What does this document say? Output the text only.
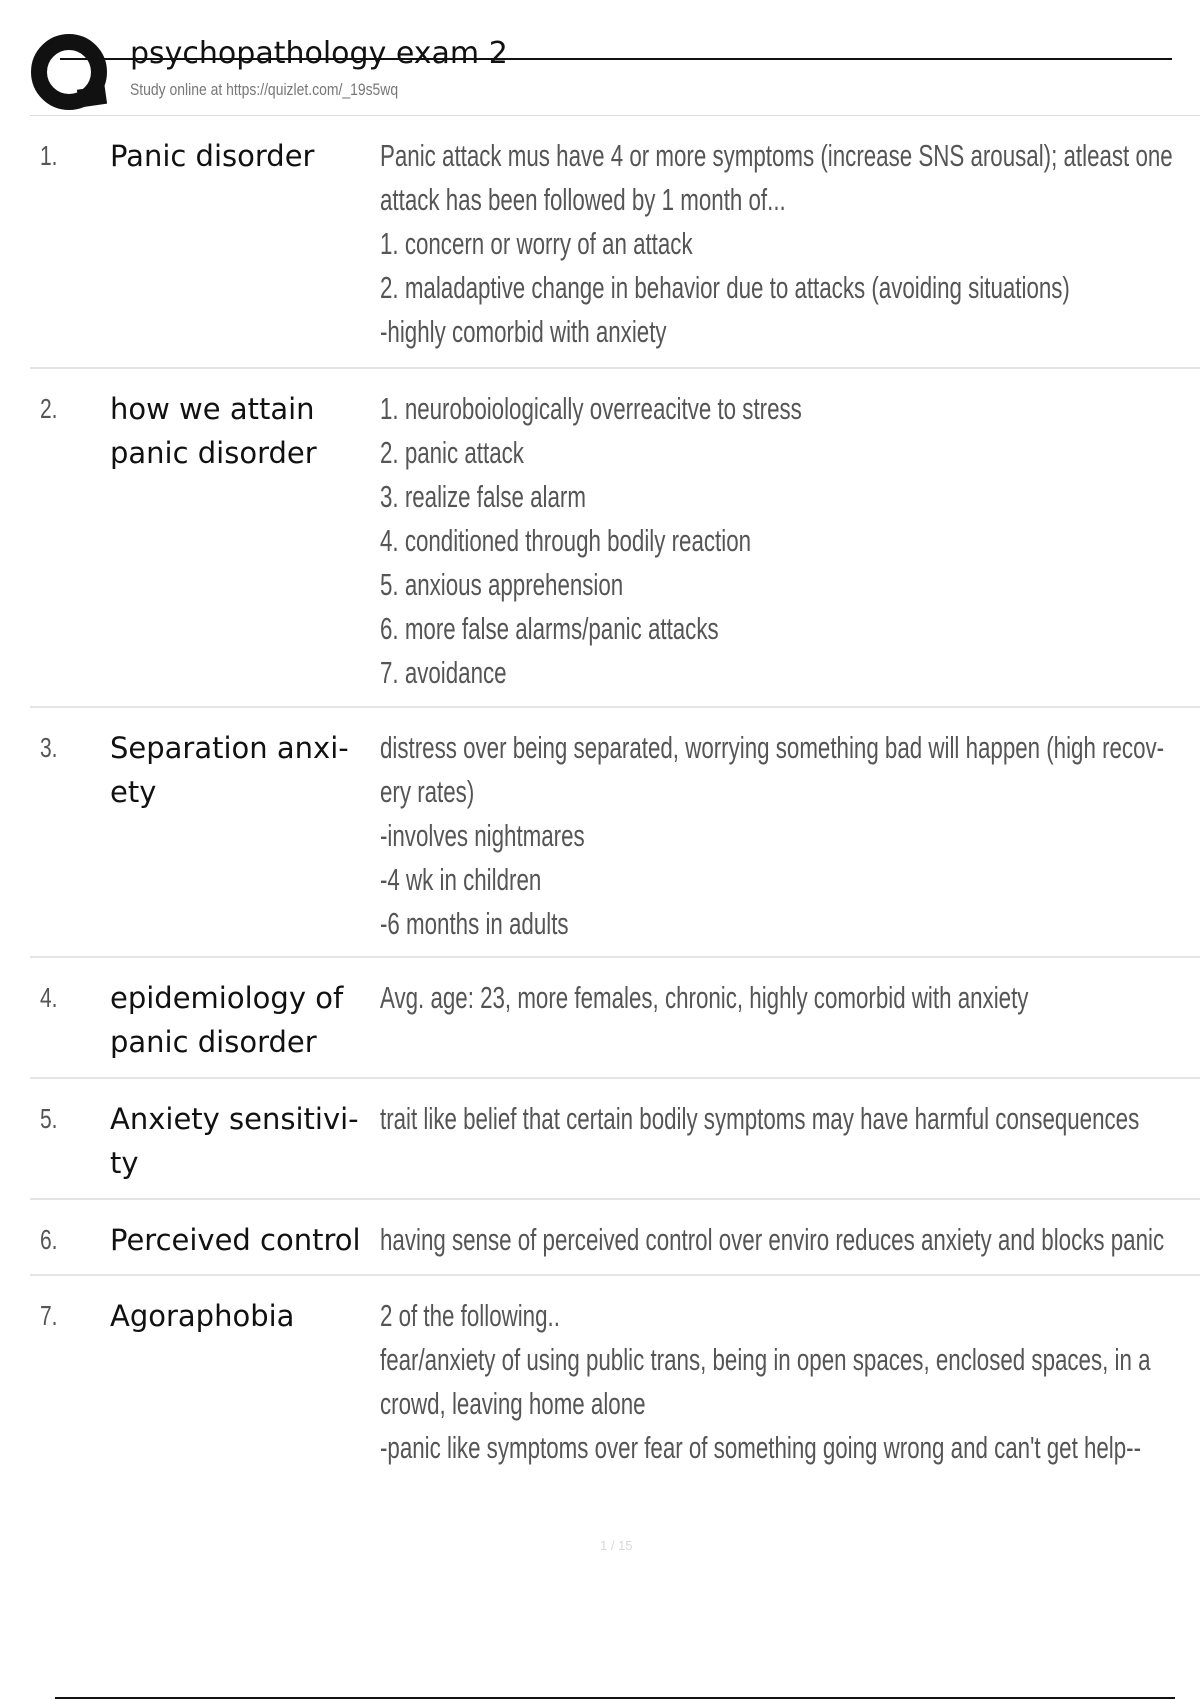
psychopathology exam 2
Study online at https://quizlet.com/_19s5wq
1. Panic disorder	Panic attack mus have 4 or more symptoms (increase SNS arousal); atleast one
attack has been followed by 1 month of...
1. concern or worry of an attack
2. maladaptive change in behavior due to attacks (avoiding situations)
-highly comorbid with anxiety
2. how we attain
panic disorder
1. neuroboiologically overreacitve to stress
2. panic attack
3. realize false alarm
4. conditioned through bodily reaction
5. anxious apprehension
6. more false alarms/panic attacks
7. avoidance
3. Separation anxi-
ety
distress over being separated, worrying something bad will happen (high recov-
ery rates)
-involves nightmares
-4 wk in children
-6 months in adults
4. epidemiology of
panic disorder
Avg. age: 23, more females, chronic, highly comorbid with anxiety
5. Anxiety sensitivi-
ty
trait like belief that certain bodily symptoms may have harmful consequences
6. Perceived control having sense of perceived control over enviro reduces anxiety and blocks panic
7. Agoraphobia	2 of the following..
fear/anxiety of using public trans, being in open spaces, enclosed spaces, in a
crowd, leaving home alone
-panic like symptoms over fear of something going wrong and can't get help--
1 / 15
